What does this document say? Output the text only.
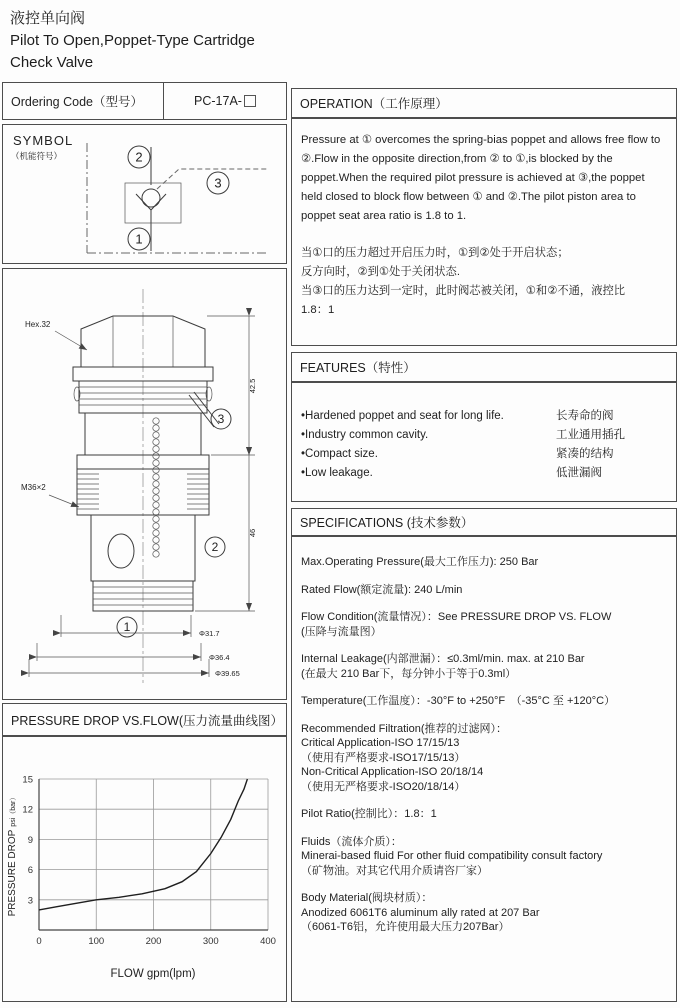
液控单向阀
Pilot To Open,Poppet-Type Cartridge
Check Valve
Ordering Code（型号）	PC-17A-
SYMBOL
（机能符号）	2
3
1
42.5
46
Φ31.7
Φ36.4
Φ39.65
Hex.32
M36×2
3
2
1
PRESSURE DROP VS.FLOW(压力流量曲线图）
PRESSURE DROPpsi（bar）
FLOW gpm(lpm)
0	100	200	300	400
3
6
9
12
15
OPERATION（工作原理）

Pressure at ① overcomes the spring-bias poppet and allows free flow to ②.Flow in the opposite direction,from ② to ①,is blocked by the poppet.When the required pilot pressure is achieved at ③,the poppet held closed to block flow between ① and ②.The pilot piston area to poppet seat area ratio is 1.8 to 1.

当①口的压力超过开启压力时，①到②处于开启状态；
反方向时，②到①处于关闭状态.
当③口的压力达到一定时，此时阀芯被关闭，①和②不通，液控比
1.8：1
FEATURES（特性）
•Hardened poppet and seat for long life.	长寿命的阀
•Industry common cavity.	工业通用插孔
•Compact size.	紧凑的结构
•Low leakage.	低泄漏阀
SPECIFICATIONS (技术参数）
Max.Operating Pressure(最大工作压力): 250 Bar
Rated Flow(额定流量): 240 L/min
Flow Condition(流量情况）：See PRESSURE DROP VS. FLOW
(压降与流量图）
Internal Leakage(内部泄漏）：≤0.3ml/min. max. at 210 Bar
(在最大 210 Bar下，每分钟小于等于0.3ml）
Temperature(工作温度）：-30°F to +250°F　（-35°C 至 +120°C）
Recommended Filtration(推荐的过滤网）：
Critical Application-ISO 17/15/13
（使用有严格要求-ISO17/15/13）
Non-Critical Application-ISO 20/18/14
（使用无严格要求-ISO20/18/14）
Pilot Ratio(控制比）：1.8：1
Fluids（流体介质）：
Minerai-based fluid For other fluid compatibility consult factory
（矿物油。对其它代用介质请咨厂家）
Body Material(阀块材质）：
Anodized 6061T6 aluminum ally rated at 207 Bar
（6061-T6铝，允许使用最大压力207Bar）
